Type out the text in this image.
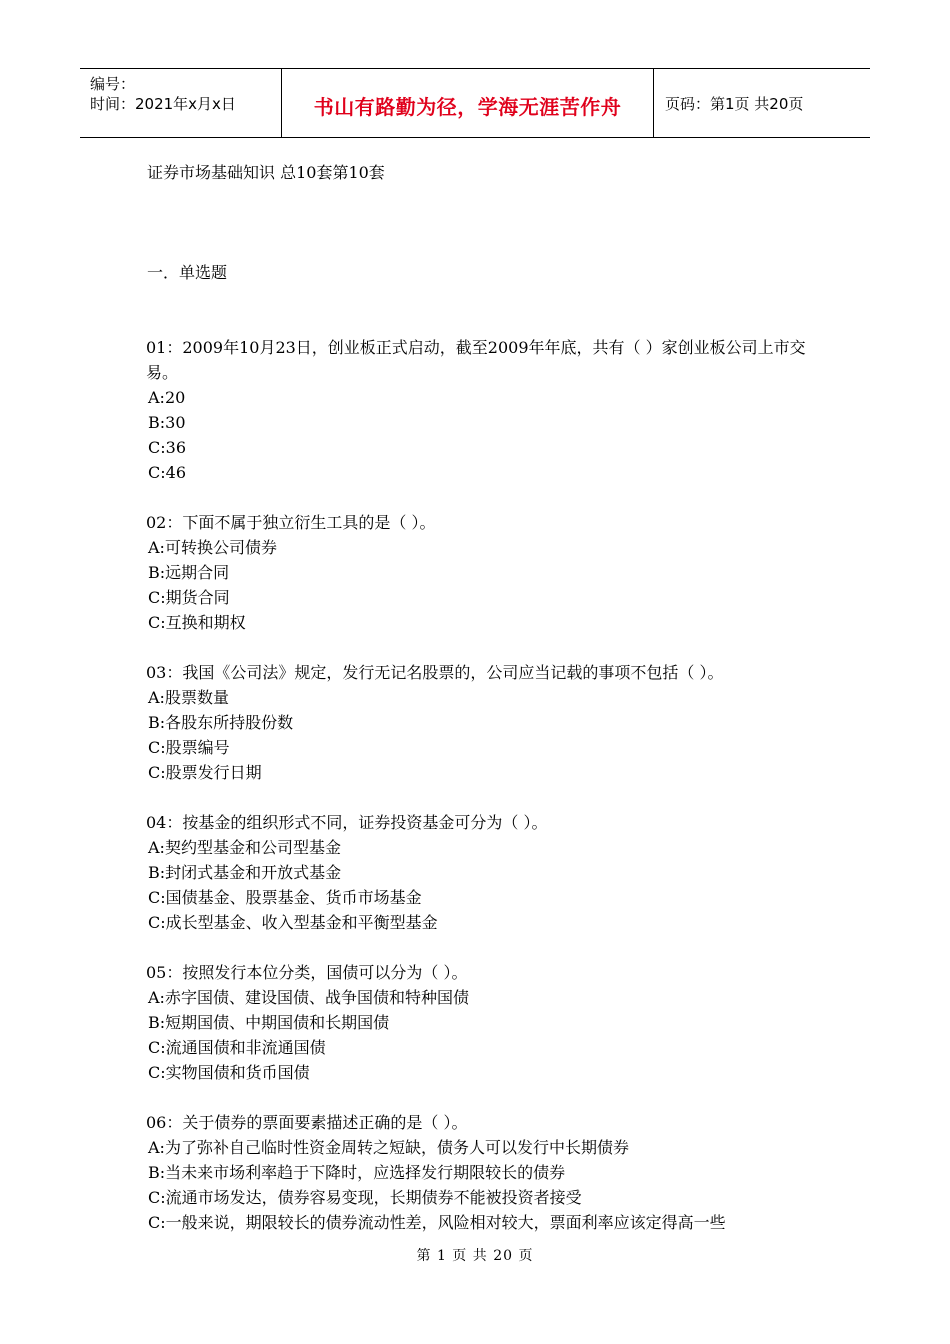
编号：
时间：2021年x月x日	书山有路勤为径，学海无涯苦作舟	页码：第1页 共20页
证券市场基础知识 总10套第10套
一．单选题
01：2009年10月23日，创业板正式启动，截至2009年年底，共有（ ）家创业板公司上市交易。
A:20
B:30
C:36
C:46
02：下面不属于独立衍生工具的是（ ）。
A:可转换公司债券
B:远期合同
C:期货合同
C:互换和期权
03：我国《公司法》规定，发行无记名股票的，公司应当记载的事项不包括（ ）。
A:股票数量
B:各股东所持股份数
C:股票编号
C:股票发行日期
04：按基金的组织形式不同，证券投资基金可分为（ ）。
A:契约型基金和公司型基金
B:封闭式基金和开放式基金
C:国债基金、股票基金、货币市场基金
C:成长型基金、收入型基金和平衡型基金
05：按照发行本位分类，国债可以分为（ ）。
A:赤字国债、建设国债、战争国债和特种国债
B:短期国债、中期国债和长期国债
C:流通国债和非流通国债
C:实物国债和货币国债
06：关于债券的票面要素描述正确的是（ ）。
A:为了弥补自己临时性资金周转之短缺，债务人可以发行中长期债券
B:当未来市场利率趋于下降时，应选择发行期限较长的债券
C:流通市场发达，债券容易变现，长期债券不能被投资者接受
C:一般来说，期限较长的债券流动性差，风险相对较大，票面利率应该定得高一些
第 1 页 共 20 页
